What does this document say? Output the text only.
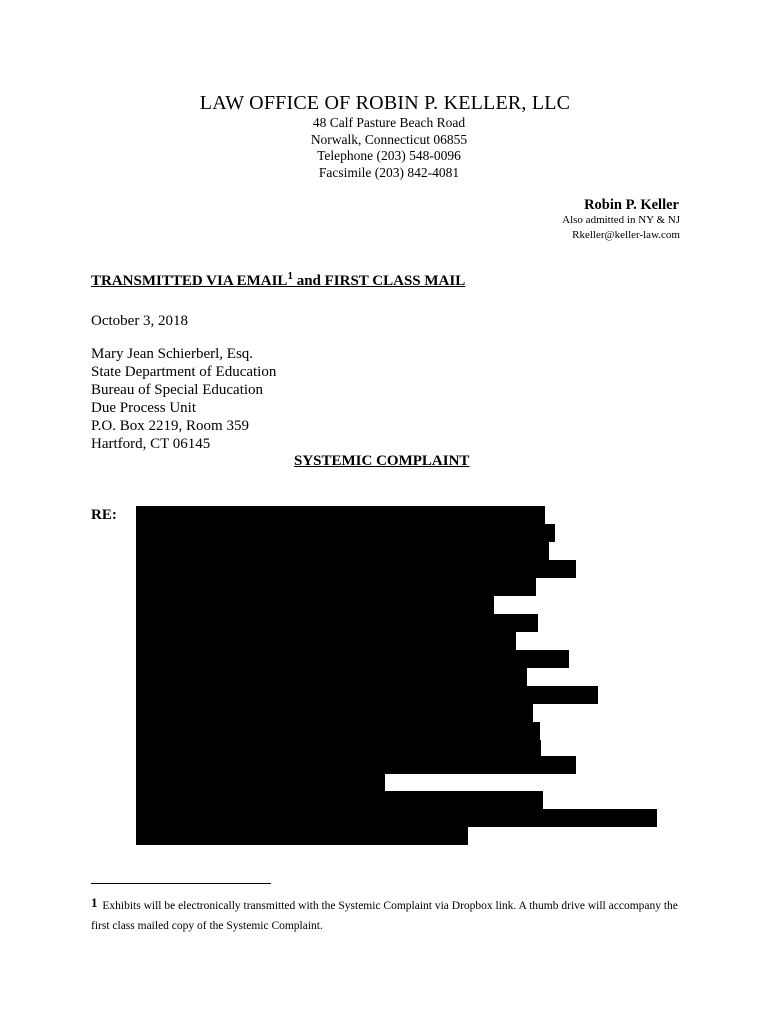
LAW OFFICE OF ROBIN P. KELLER, LLC
48 Calf Pasture Beach Road
Norwalk, Connecticut 06855
Telephone (203) 548-0096
Facsimile (203) 842-4081
Robin P. Keller
Also admitted in NY & NJ
Rkeller@keller-law.com
TRANSMITTED VIA EMAIL$^1$ and FIRST CLASS MAIL
October 3, 2018
Mary Jean Schierberl, Esq.
State Department of Education
Bureau of Special Education
Due Process Unit
P.O. Box 2219, Room 359
Hartford, CT 06145
SYSTEMIC COMPLAINT
RE:
1 Exhibits will be electronically transmitted with the Systemic Complaint via Dropbox link. A thumb drive will accompany the first class mailed copy of the Systemic Complaint.
